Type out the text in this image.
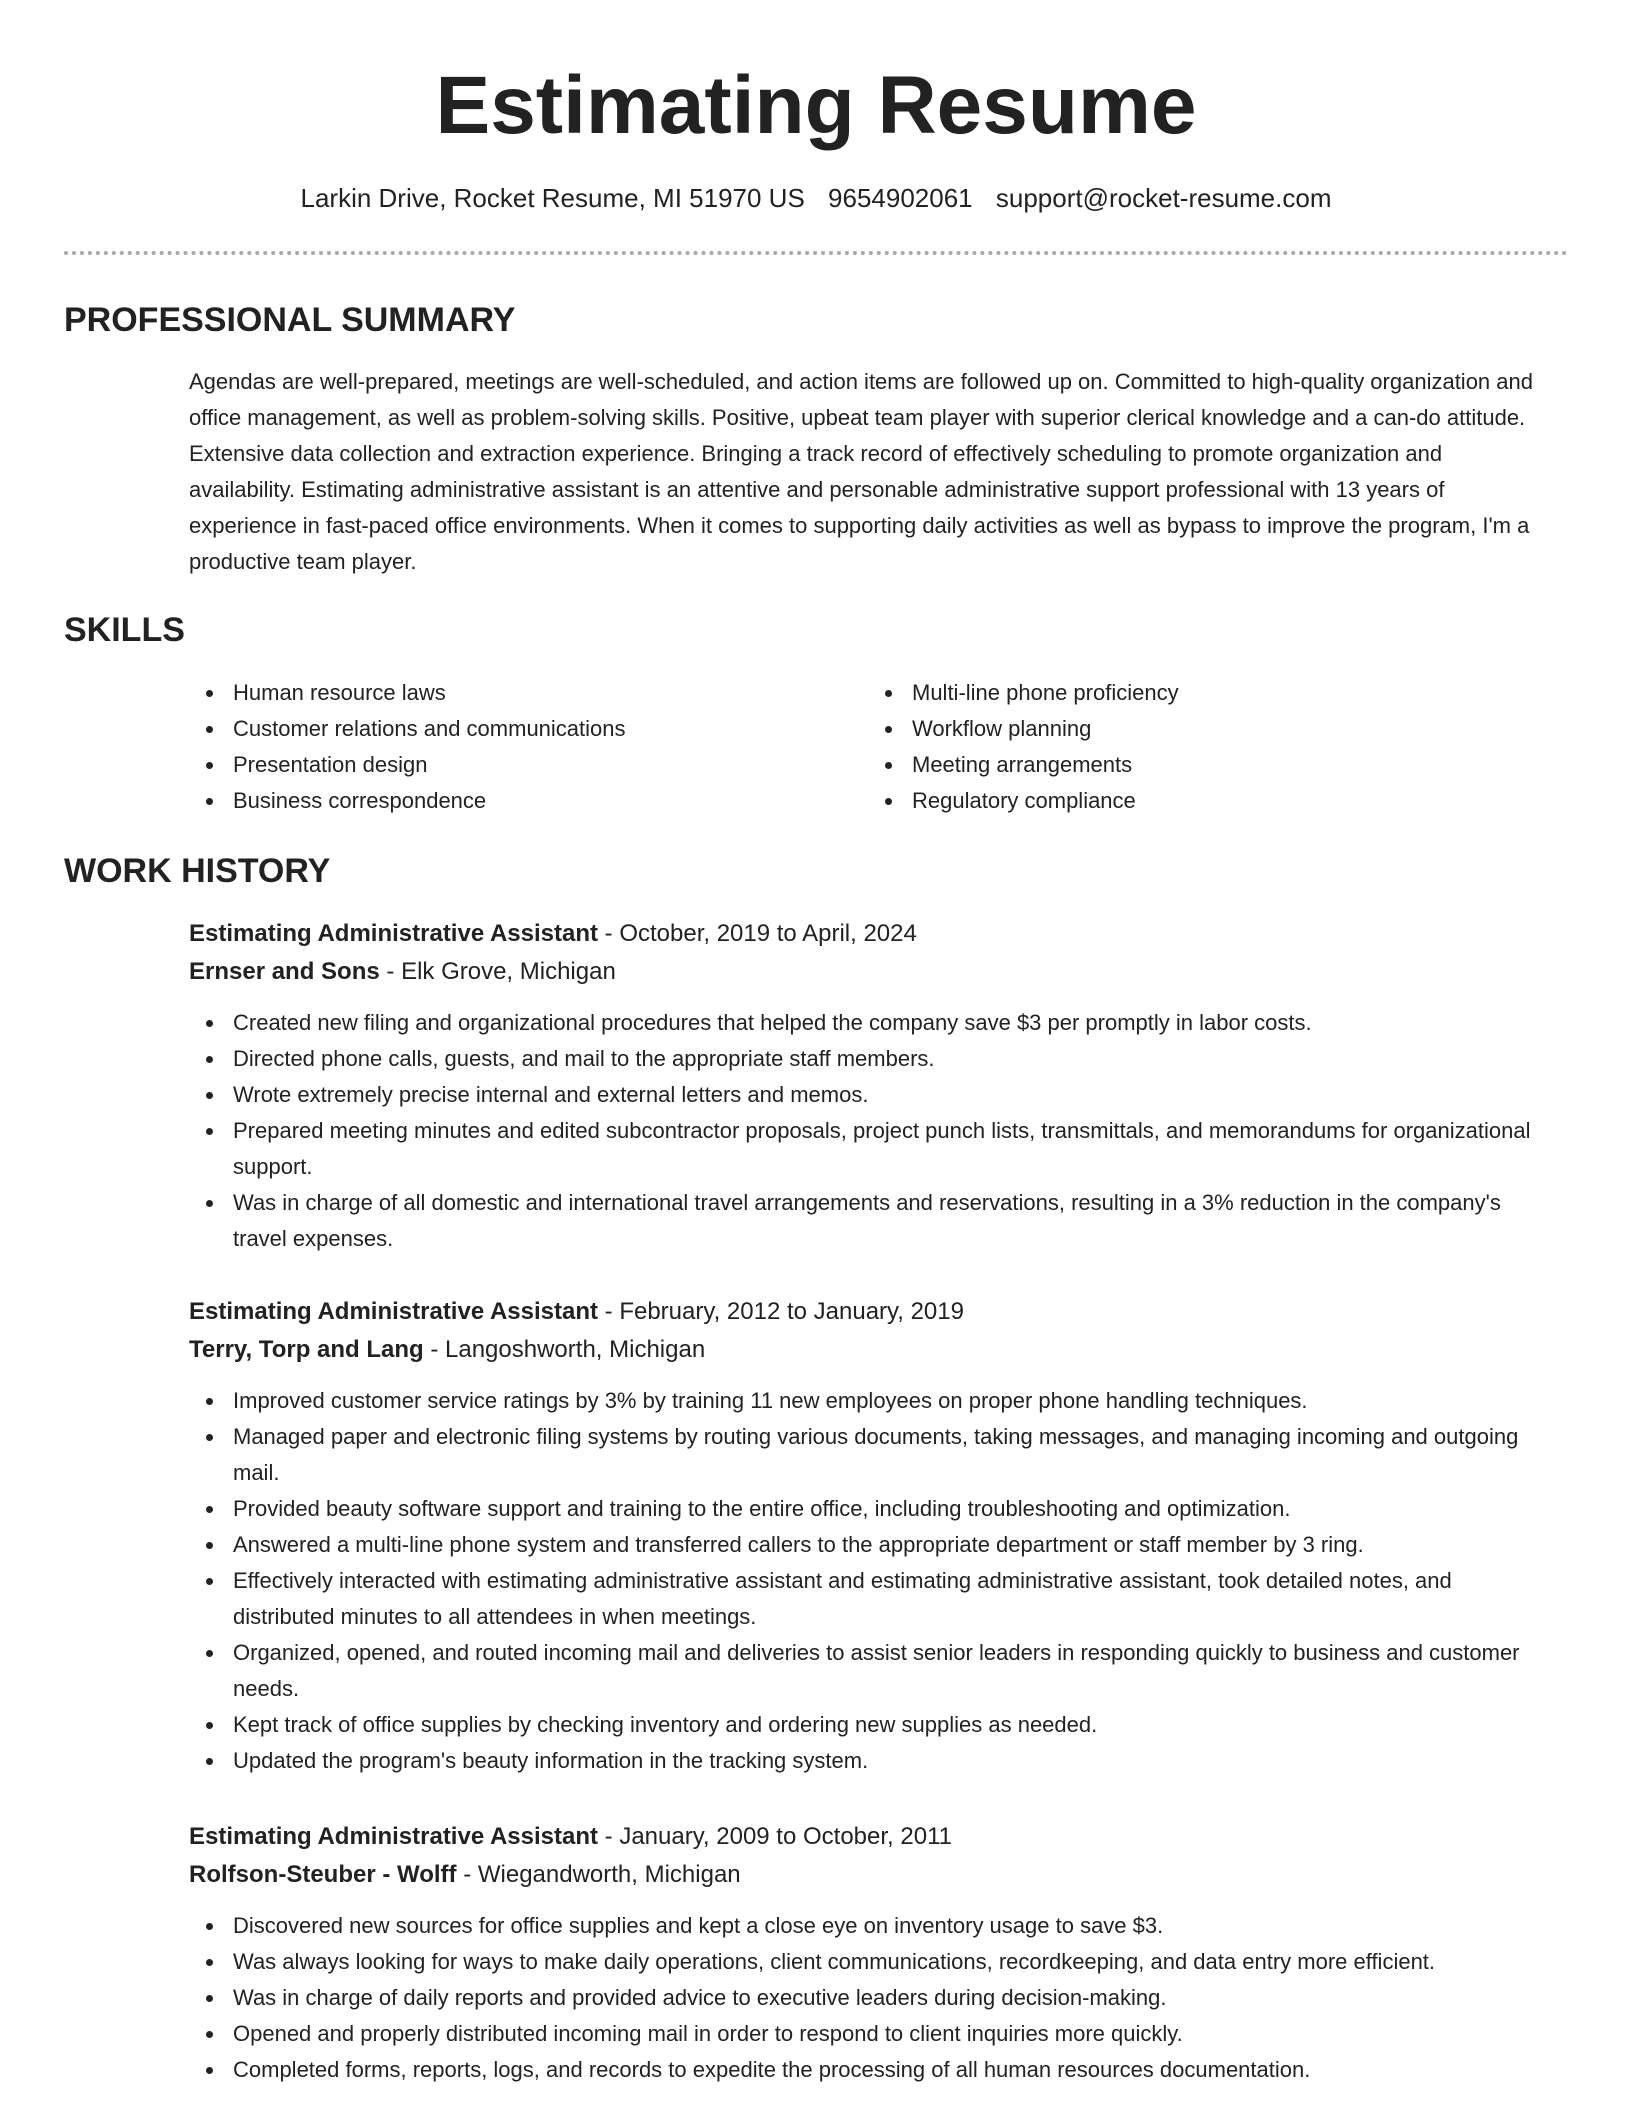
Estimating Resume
Larkin Drive, Rocket Resume, MI 51970 US 9654902061 support@rocket-resume.com
PROFESSIONAL SUMMARY

Agendas are well-prepared, meetings are well-scheduled, and action items are followed up on. Committed to high-quality organization and office management, as well as problem-solving skills. Positive, upbeat team player with superior clerical knowledge and a can-do attitude. Extensive data collection and extraction experience. Bringing a track record of effectively scheduling to promote organization and availability. Estimating administrative assistant is an attentive and personable administrative support professional with 13 years of experience in fast-paced office environments. When it comes to supporting daily activities as well as bypass to improve the program, I'm a productive team player.

SKILLS
Human resource laws
Customer relations and communications
Presentation design
Business correspondence
Multi-line phone proficiency
Workflow planning
Meeting arrangements
Regulatory compliance
WORK HISTORY

Estimating Administrative Assistant - October, 2019 to April, 2024

Ernser and Sons - Elk Grove, Michigan

Created new filing and organizational procedures that helped the company save $3 per promptly in labor costs.
Directed phone calls, guests, and mail to the appropriate staff members.
Wrote extremely precise internal and external letters and memos.
Prepared meeting minutes and edited subcontractor proposals, project punch lists, transmittals, and memorandums for organizational support.
Was in charge of all domestic and international travel arrangements and reservations, resulting in a 3% reduction in the company's travel expenses.

Estimating Administrative Assistant - February, 2012 to January, 2019

Terry, Torp and Lang - Langoshworth, Michigan

Improved customer service ratings by 3% by training 11 new employees on proper phone handling techniques.
Managed paper and electronic filing systems by routing various documents, taking messages, and managing incoming and outgoing mail.
Provided beauty software support and training to the entire office, including troubleshooting and optimization.
Answered a multi-line phone system and transferred callers to the appropriate department or staff member by 3 ring.
Effectively interacted with estimating administrative assistant and estimating administrative assistant, took detailed notes, and distributed minutes to all attendees in when meetings.
Organized, opened, and routed incoming mail and deliveries to assist senior leaders in responding quickly to business and customer needs.
Kept track of office supplies by checking inventory and ordering new supplies as needed.
Updated the program's beauty information in the tracking system.

Estimating Administrative Assistant - January, 2009 to October, 2011

Rolfson-Steuber - Wolff - Wiegandworth, Michigan

Discovered new sources for office supplies and kept a close eye on inventory usage to save $3.
Was always looking for ways to make daily operations, client communications, recordkeeping, and data entry more efficient.
Was in charge of daily reports and provided advice to executive leaders during decision-making.
Opened and properly distributed incoming mail in order to respond to client inquiries more quickly.
Completed forms, reports, logs, and records to expedite the processing of all human resources documentation.
